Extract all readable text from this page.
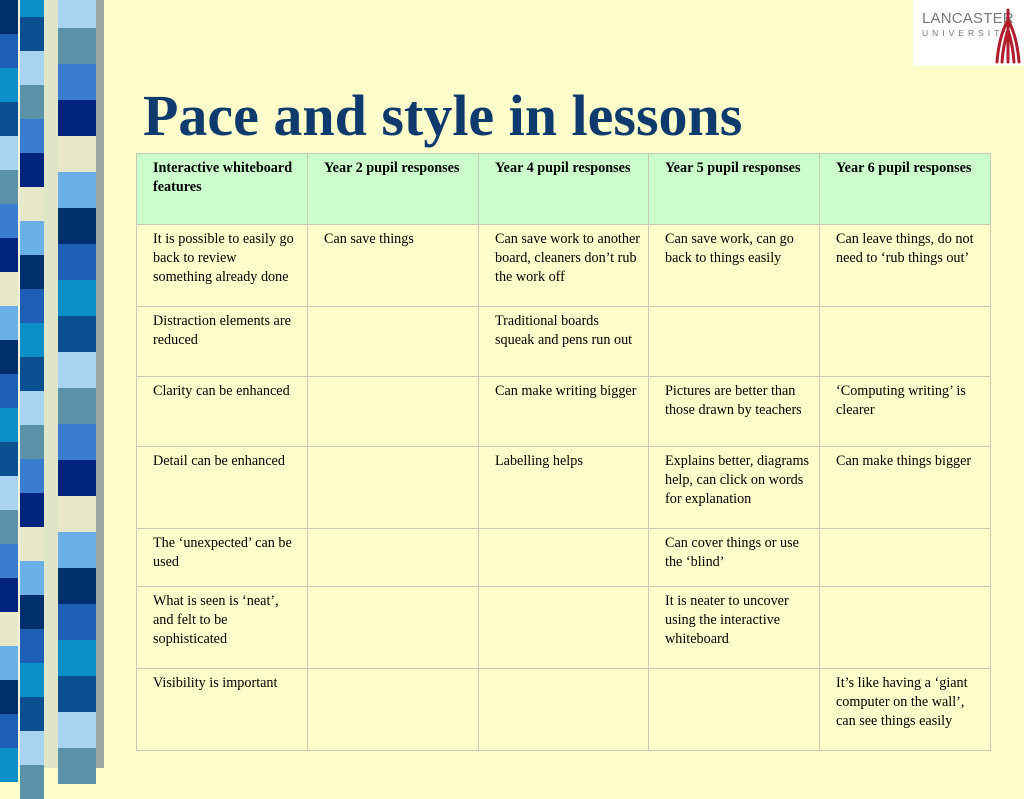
LANCASTER
UNIVERSITY
Pace and style in lessons
Interactive whiteboard features	Year 2 pupil responses	Year 4 pupil responses	Year 5 pupil responses	Year 6 pupil responses
It is possible to easily go back to review something already done	Can save things	Can save work to another board, cleaners don’t rub the work off	Can save work, can go back to things easily	Can leave things, do not need to ‘rub things out’
Distraction elements are reduced		Traditional boards squeak and pens run out		
Clarity can be enhanced		Can make writing bigger	Pictures are better than those drawn by teachers	‘Computing writing’ is clearer
Detail can be enhanced		Labelling helps	Explains better, diagrams help, can click on words for explanation	Can make things bigger
The ‘unexpected’ can be used			Can cover things or use the ‘blind’	
What is seen is ‘neat’, and felt to be sophisticated			It is neater to uncover using the interactive whiteboard	
Visibility is important				It’s like having a ‘giant computer on the wall’, can see things easily
